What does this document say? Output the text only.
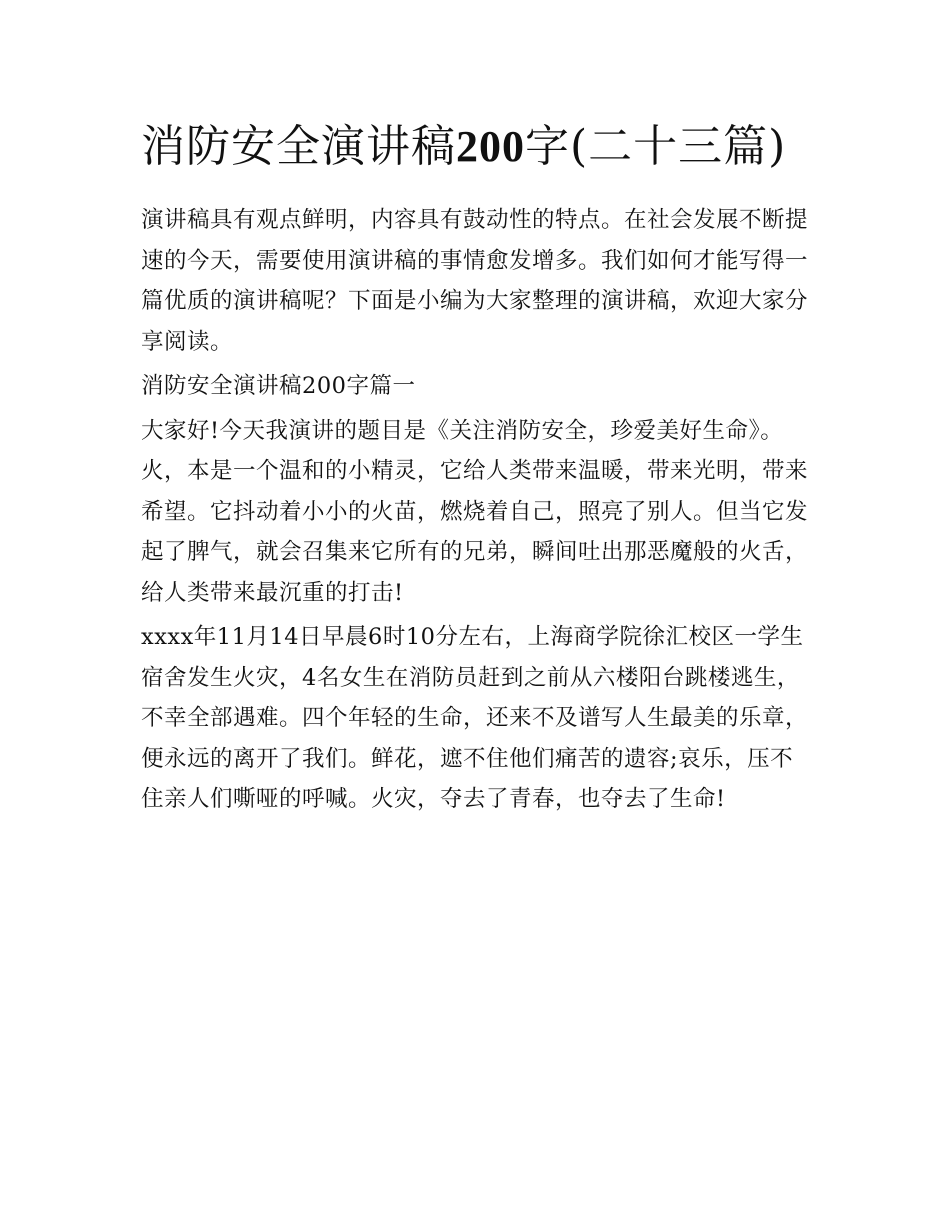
消防安全演讲稿200字(二十三篇)

演讲稿具有观点鲜明，内容具有鼓动性的特点。在社会发展不断提速的今天，需要使用演讲稿的事情愈发增多。我们如何才能写得一篇优质的演讲稿呢？下面是小编为大家整理的演讲稿，欢迎大家分享阅读。

消防安全演讲稿200字篇一

大家好!今天我演讲的题目是《关注消防安全，珍爱美好生命》。火，本是一个温和的小精灵，它给人类带来温暖，带来光明，带来希望。它抖动着小小的火苗，燃烧着自己，照亮了别人。但当它发起了脾气，就会召集来它所有的兄弟，瞬间吐出那恶魔般的火舌，给人类带来最沉重的打击!

xxxx年11月14日早晨6时10分左右，上海商学院徐汇校区一学生宿舍发生火灾，4名女生在消防员赶到之前从六楼阳台跳楼逃生，不幸全部遇难。四个年轻的生命，还来不及谱写人生最美的乐章，便永远的离开了我们。鲜花，遮不住他们痛苦的遗容;哀乐，压不住亲人们嘶哑的呼喊。火灾，夺去了青春，也夺去了生命!
